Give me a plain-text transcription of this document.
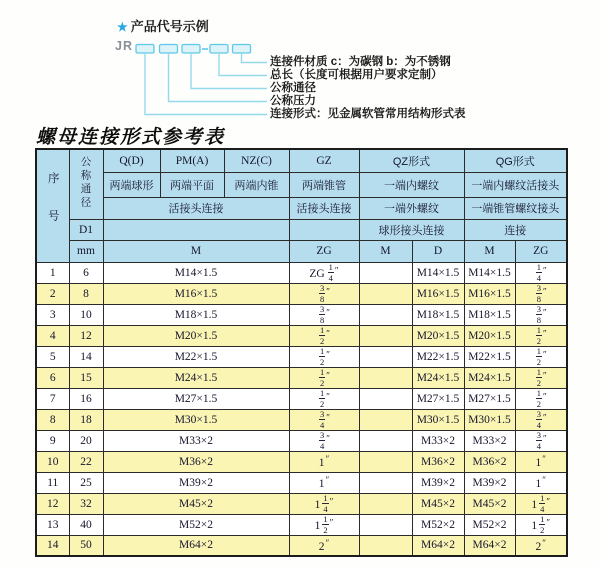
★ 产品代号示例
JR
连接件材质 c：为碳钢 b：为不锈钢
总长（长度可根据用户要求定制）
公称通径
公称压力
连接形式：见金属软管常用结构形式表
螺母连接形式参考表
序号	公称通径	Q(D)	PM(A)	NZ(C)	GZ	QZ形式		QG形式	
		两端球形	两端平面	两端内锥	两端锥管	一端内螺纹		一端内螺纹活接头	
		活接头连接			活接头连接	一端外螺纹		一端锥管螺纹接头	
	D1					球形接头连接		连接	
	mm	M			ZG	M	D	M	ZG
1	6	M14×1.5			ZG $\frac{1}{4} ''$		M14×1.5	M14×1.5	$\frac{1}{4} ''$
2	8	M16×1.5			$\frac{3}{8} ''$		M16×1.5	M16×1.5	$\frac{3}{8} ''$
3	10	M18×1.5			$\frac{3}{8} ''$		M18×1.5	M18×1.5	$\frac{3}{8} ''$
4	12	M20×1.5			$\frac{1}{2} ''$		M20×1.5	M20×1.5	$\frac{1}{2} ''$
5	14	M22×1.5			$\frac{1}{2} ''$		M22×1.5	M22×1.5	$\frac{1}{2} ''$
6	15	M24×1.5			$\frac{1}{2} ''$		M24×1.5	M24×1.5	$\frac{1}{2} ''$
7	16	M27×1.5			$\frac{1}{2} ''$		M27×1.5	M27×1.5	$\frac{1}{2} ''$
8	18	M30×1.5			$\frac{3}{4} ''$		M30×1.5	M30×1.5	$\frac{3}{4} ''$
9	20	M33×2			$\frac{3}{4} ''$		M33×2	M33×2	$\frac{3}{4} ''$
10	22	M36×2			1″		M36×2	M36×2	1″
11	25	M39×2			1″		M39×2	M39×2	1″
12	32	M45×2			$1 \frac{1}{4} ''$		M45×2	M45×2	$1 \frac{1}{4} ''$
13	40	M52×2			$1 \frac{1}{2} ''$		M52×2	M52×2	$1 \frac{1}{2} ''$
14	50	M64×2			2″		M64×2	M64×2	2″
